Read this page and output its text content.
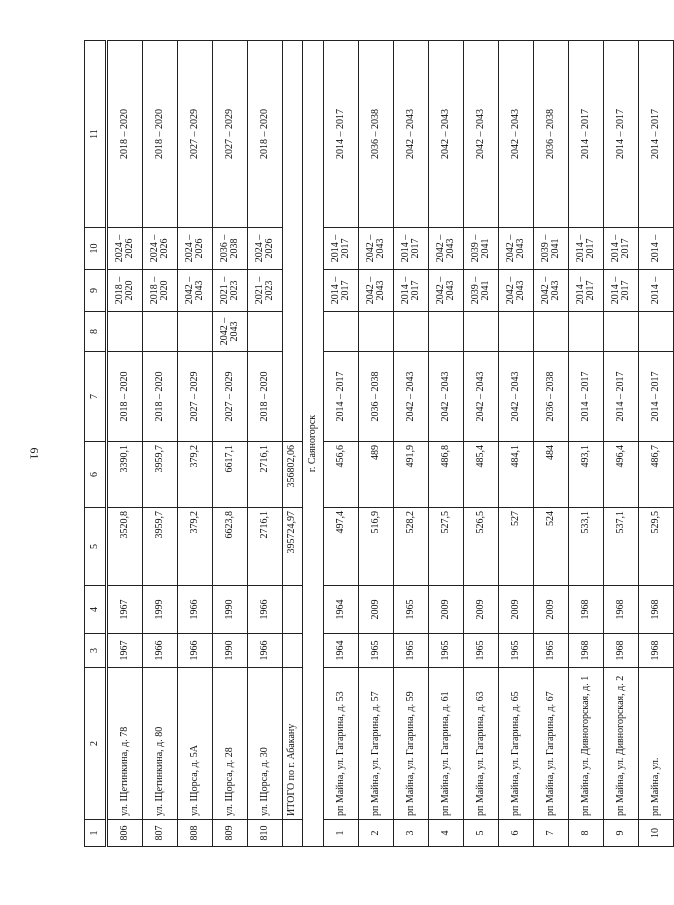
61
1	2	3	4	5	6	7	8	9	10	11
806	ул. Щетинкина, д. 78	1967	1967	3520,8	3390,1	2018 – 2020		2018 – 2020	2024 – 2026	2018 – 2020
807	ул. Щетинкина, д. 80	1966	1999	3959,7	3959,7	2018 – 2020		2018 – 2020	2024 – 2026	2018 – 2020
808	ул. Щорса, д. 5А	1966	1966	379,2	379,2	2027 – 2029		2042 – 2043	2024 – 2026	2027 – 2029
809	ул. Щорса, д. 28	1990	1990	6623,8	6617,1	2027 – 2029	2042 – 2043	2021 – 2023	2036 – 2038	2027 – 2029
810	ул. Щорса, д. 30	1966	1966	2716,1	2716,1	2018 – 2020		2021 – 2023	2024 – 2026	2018 – 2020
	ИТОГО по г. Абакану			395724,97	356802,06					
г. Саяногорск										
1	рп Майна, ул. Гагарина, д. 53	1964	1964	497,4	456,6	2014 – 2017		2014 – 2017	2014 – 2017	2014 – 2017
2	рп Майна, ул. Гагарина, д. 57	1965	2009	516,9	489	2036 – 2038		2042 – 2043	2042 – 2043	2036 – 2038
3	рп Майна, ул. Гагарина, д. 59	1965	1965	528,2	491,9	2042 – 2043		2014 – 2017	2014 – 2017	2042 – 2043
4	рп Майна, ул. Гагарина, д. 61	1965	2009	527,5	486,8	2042 – 2043		2042 – 2043	2042 – 2043	2042 – 2043
5	рп Майна, ул. Гагарина, д. 63	1965	2009	526,5	485,4	2042 – 2043		2039 – 2041	2039 – 2041	2042 – 2043
6	рп Майна, ул. Гагарина, д. 65	1965	2009	527	484,1	2042 – 2043		2042 – 2043	2042 – 2043	2042 – 2043
7	рп Майна, ул. Гагарина, д. 67	1965	2009	524	484	2036 – 2038		2042 – 2043	2039 – 2041	2036 – 2038
8	рп Майна, ул. Дивногорская, д. 1	1968	1968	533,1	493,1	2014 – 2017		2014 – 2017	2014 – 2017	2014 – 2017
9	рп Майна, ул. Дивногорская, д. 2	1968	1968	537,1	496,4	2014 – 2017		2014 – 2017	2014 – 2017	2014 – 2017
10	рп Майна, ул.	1968	1968	529,5	486,7	2014 – 2017		2014 –	2014 –	2014 – 2017
